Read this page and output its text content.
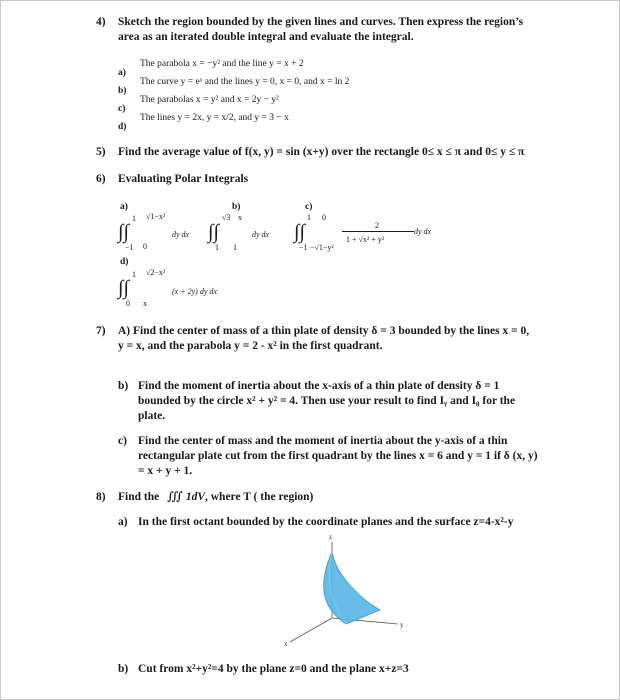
4) Sketch the region bounded by the given lines and curves. Then express the region’s
area as an iterated double integral and evaluate the integral.
a)
The parabola x = −y² and the line y = x + 2
b)
The curve y = eˣ and the lines y = 0, x = 0, and x = ln 2
c)
The parabolas x = y² and x = 2y − y²
d)
The lines y = 2x, y = x/2, and y = 3 − x
5) Find the average value of f(x, y) = sin (x+y) over the rectangle 0≤ x ≤ π and 0≤ y ≤ π
6) Evaluating Polar Integrals
a)
∫∫
1
−1
√1−x²
0
dy dx
b)
∫∫
√3
1
x
1
dy dx
c)
∫∫
1
−1
0
−√1−y²
2
1 + √x² + y²
dy dx
d)
∫∫
1
0
√2−x²
x
(x + 2y) dy dx
7) A) Find the center of mass of a thin plate of density δ = 3 bounded by the lines x = 0,
y = x, and the parabola y = 2 - x² in the first quadrant.
b) Find the moment of inertia about the x-axis of a thin plate of density δ = 1
bounded by the circle x² + y² = 4. Then use your result to find Iᵧ and I₀ for the
plate.
c) Find the center of mass and the moment of inertia about the y-axis of a thin
rectangular plate cut from the first quadrant by the lines x = 6 and y = 1 if δ (x, y)
= x + y + 1.
8) Find the ∭ 1dV , where T ( the region)
a) In the first octant bounded by the coordinate planes and the surface z=4-x²-y
z
y
x
b) Cut from x²+y²=4 by the plane z=0 and the plane x+z=3
